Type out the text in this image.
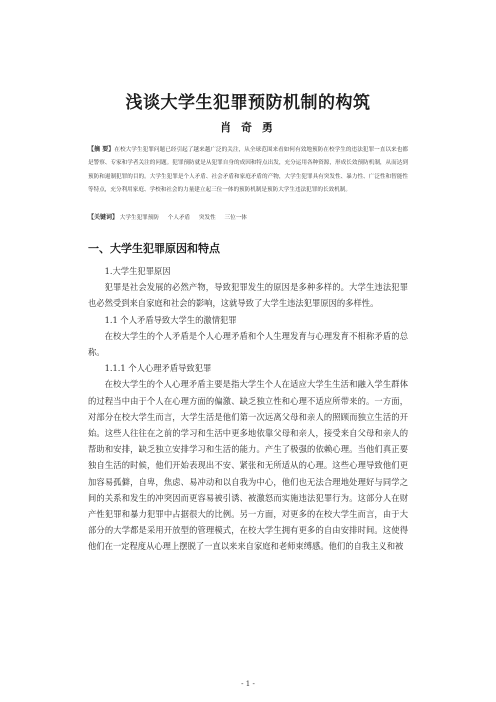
浅谈大学生犯罪预防机制的构筑
肖 奇 勇
【摘 要】在校大学生犯罪问题已经引起了越来越广泛的关注，从全球范围来看如何有效地预防在校学生的违法犯罪一直以来也都是警察、专家和学者关注的问题。犯罪预防就是从犯罪自身的成因和特点出发，充分运用各种资源，形成长效预防机制，从而达到预防和遏制犯罪的目的。大学生犯罪是个人矛盾、社会矛盾和家庭矛盾的产物，大学生犯罪具有突发性、暴力性、广泛性和智能性等特点，充分利用家庭、学校和社会的力量建立起三位一体的预防机制是预防大学生违法犯罪的长效机制。
【关键词】 大学生犯罪预防 个人矛盾 突发性 三位一体
一、大学生犯罪原因和特点

1.大学生犯罪原因

犯罪是社会发展的必然产物，导致犯罪发生的原因是多种多样的。大学生违法犯罪也必然受到来自家庭和社会的影响，这就导致了大学生违法犯罪原因的多样性。

1.1 个人矛盾导致大学生的激情犯罪

在校大学生的个人矛盾是个人心理矛盾和个人生理发育与心理发育不相称矛盾的总称。

1.1.1 个人心理矛盾导致犯罪

在校大学生的个人心理矛盾主要是指大学生个人在适应大学生生活和融入学生群体的过程当中由于个人在心理方面的偏激、缺乏独立性和心理不适应所带来的。一方面，对部分在校大学生而言，大学生活是他们第一次远离父母和亲人的照顾而独立生活的开始。这些人往往在之前的学习和生活中更多地依靠父母和亲人，接受来自父母和亲人的帮助和安排，缺乏独立安排学习和生活的能力。产生了极强的依赖心理。当他们真正要独自生活的时候，他们开始表现出不安、紧张和无所适从的心理。这些心理导致他们更加容易孤僻，自卑，焦虑、易冲动和以自我为中心，他们也无法合理地处理好与同学之间的关系和发生的冲突因而更容易被引诱、被激怒而实施违法犯罪行为。这部分人在财产性犯罪和暴力犯罪中占据很大的比例。另一方面，对更多的在校大学生而言，由于大部分的大学都是采用开放型的管理模式，在校大学生拥有更多的自由安排时间。这使得他们在一定程度从心理上摆脱了一直以来来自家庭和老师束缚感。他们的自我主义和被

- 1 -
